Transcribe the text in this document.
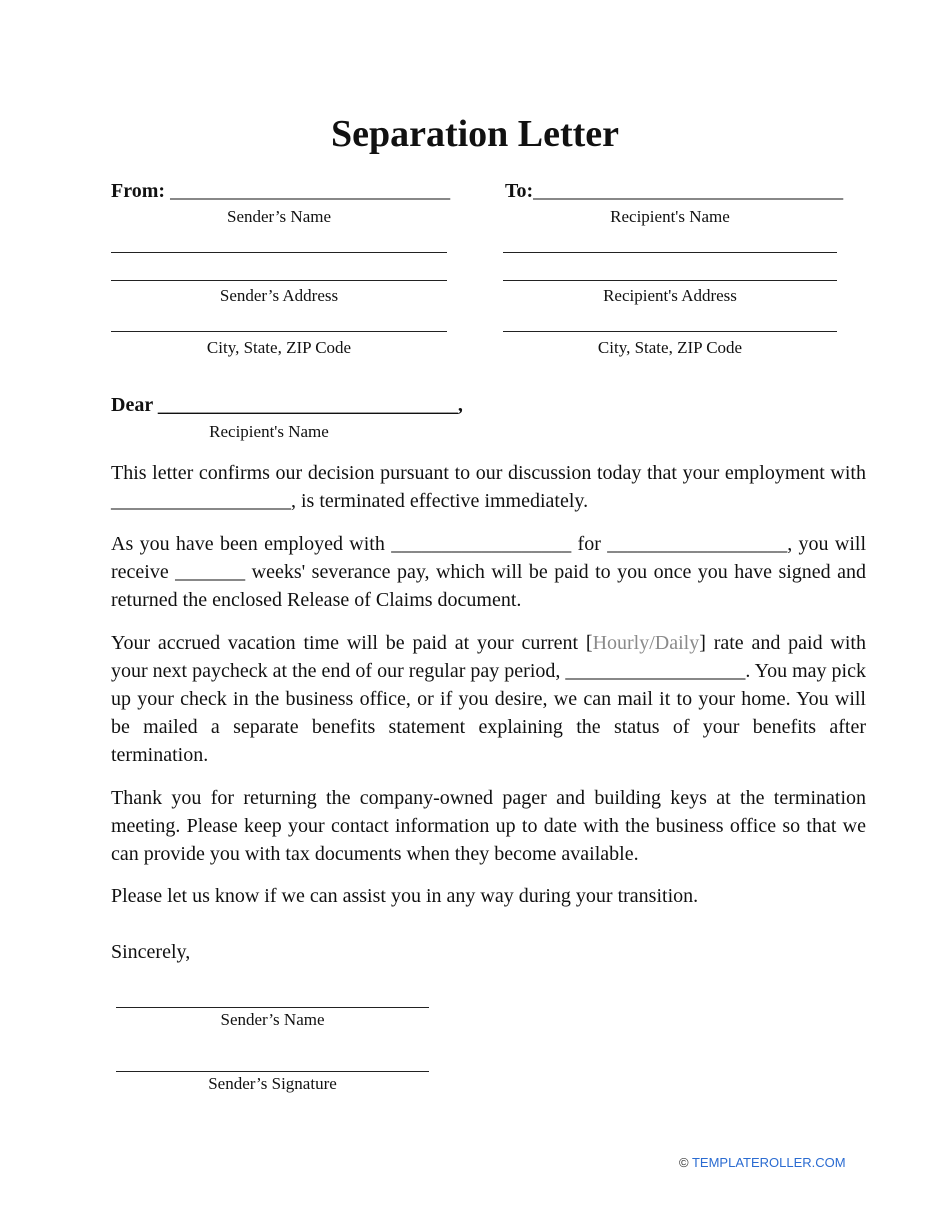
Separation Letter
From: ____________________________	To:_______________________________
Sender’s Name	Recipient's Name
Sender’s Address	Recipient's Address
City, State, ZIP Code	City, State, ZIP Code
Dear ______________________________,
Recipient's Name
This letter confirms our decision pursuant to our discussion today that your employment with __________________, is terminated effective immediately.
As you have been employed with __________________ for __________________, you will receive _______ weeks' severance pay, which will be paid to you once you have signed and returned the enclosed Release of Claims document.
Your accrued vacation time will be paid at your current [Hourly/Daily] rate and paid with your next paycheck at the end of our regular pay period, __________________. You may pick up your check in the business office, or if you desire, we can mail it to your home. You will be mailed a separate benefits statement explaining the status of your benefits after termination.
Thank you for returning the company-owned pager and building keys at the termination meeting. Please keep your contact information up to date with the business office so that we can provide you with tax documents when they become available.
Please let us know if we can assist you in any way during your transition.
Sincerely,
Sender’s Name
Sender’s Signature
© TEMPLATEROLLER.COM
